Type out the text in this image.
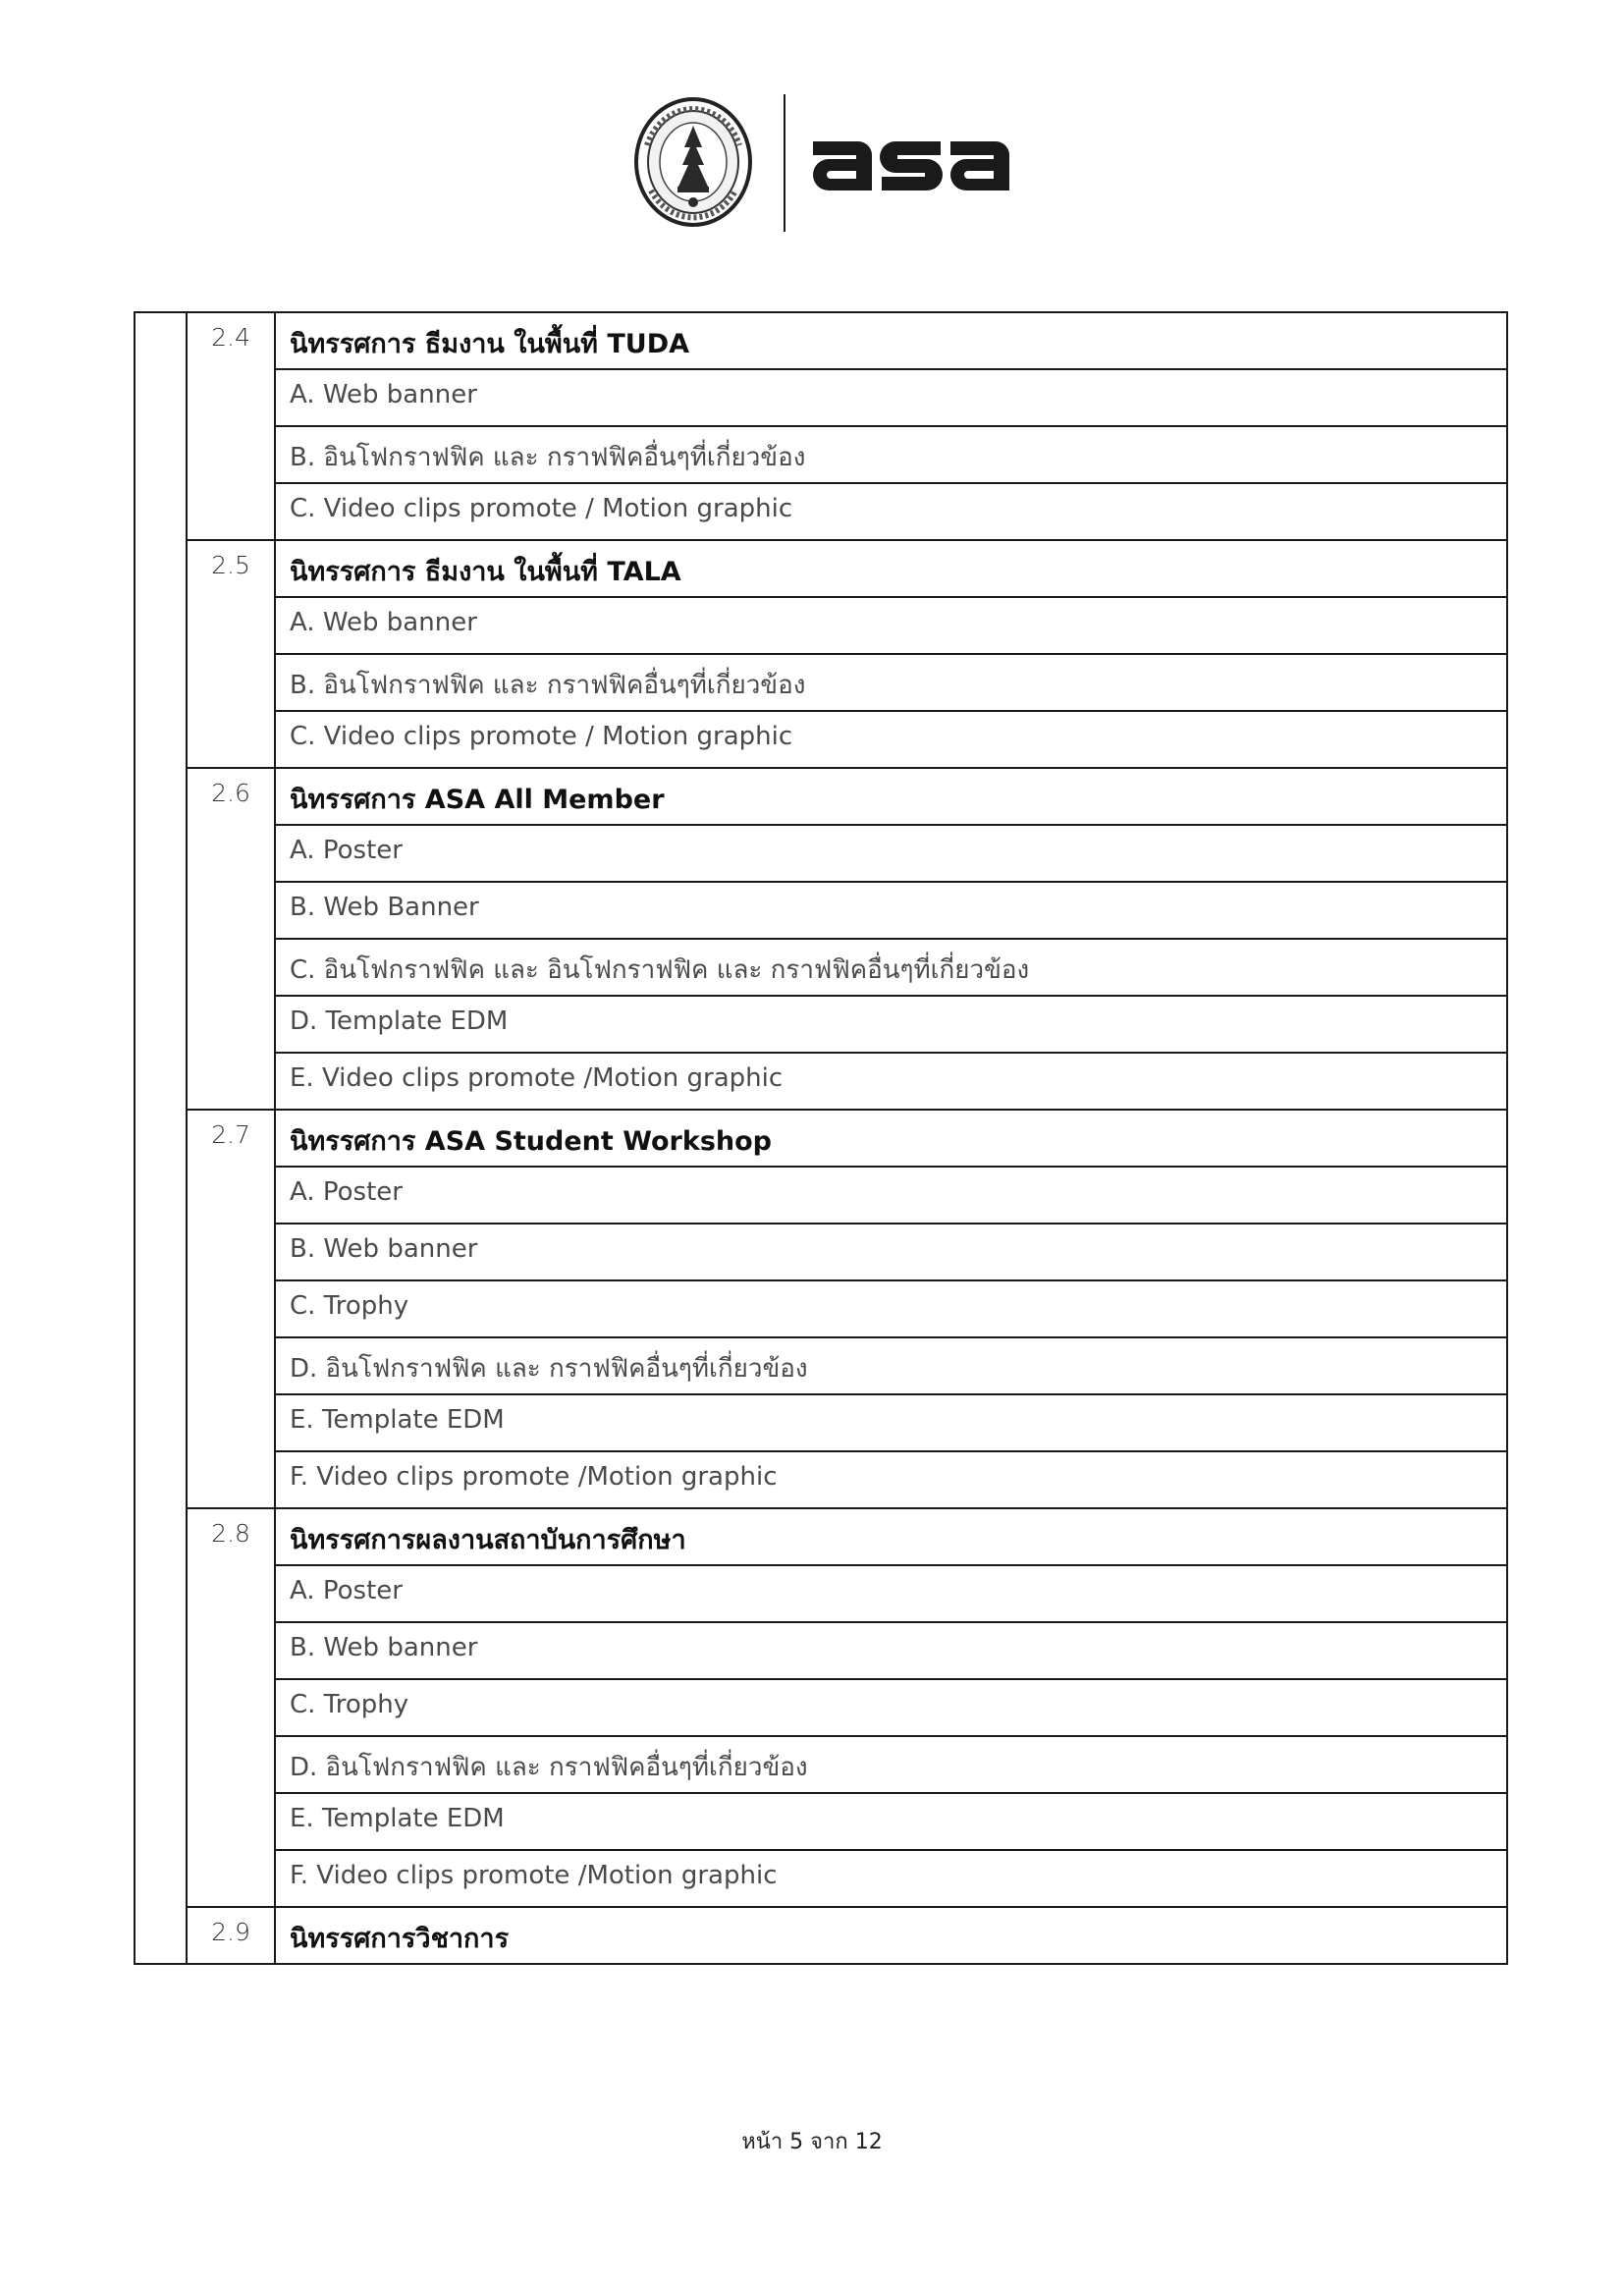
	2.4	นิทรรศการ ธีมงาน ในพื้นที่ TUDA
		A. Web banner
		B. อินโฟกราฟฟิค และ กราฟฟิคอื่นๆที่เกี่ยวข้อง
		C. Video clips promote / Motion graphic
	2.5	นิทรรศการ ธีมงาน ในพื้นที่ TALA
		A. Web banner
		B. อินโฟกราฟฟิค และ กราฟฟิคอื่นๆที่เกี่ยวข้อง
		C. Video clips promote / Motion graphic
	2.6	นิทรรศการ ASA All Member
		A. Poster
		B. Web Banner
		C. อินโฟกราฟฟิค และ อินโฟกราฟฟิค และ กราฟฟิคอื่นๆที่เกี่ยวข้อง
		D. Template EDM
		E. Video clips promote /Motion graphic
	2.7	นิทรรศการ ASA Student Workshop
		A. Poster
		B. Web banner
		C. Trophy
		D. อินโฟกราฟฟิค และ กราฟฟิคอื่นๆที่เกี่ยวข้อง
		E. Template EDM
		F. Video clips promote /Motion graphic
	2.8	นิทรรศการผลงานสถาบันการศึกษา
		A. Poster
		B. Web banner
		C. Trophy
		D. อินโฟกราฟฟิค และ กราฟฟิคอื่นๆที่เกี่ยวข้อง
		E. Template EDM
		F. Video clips promote /Motion graphic
	2.9	นิทรรศการวิชาการ
หน้า 5 จาก 12
